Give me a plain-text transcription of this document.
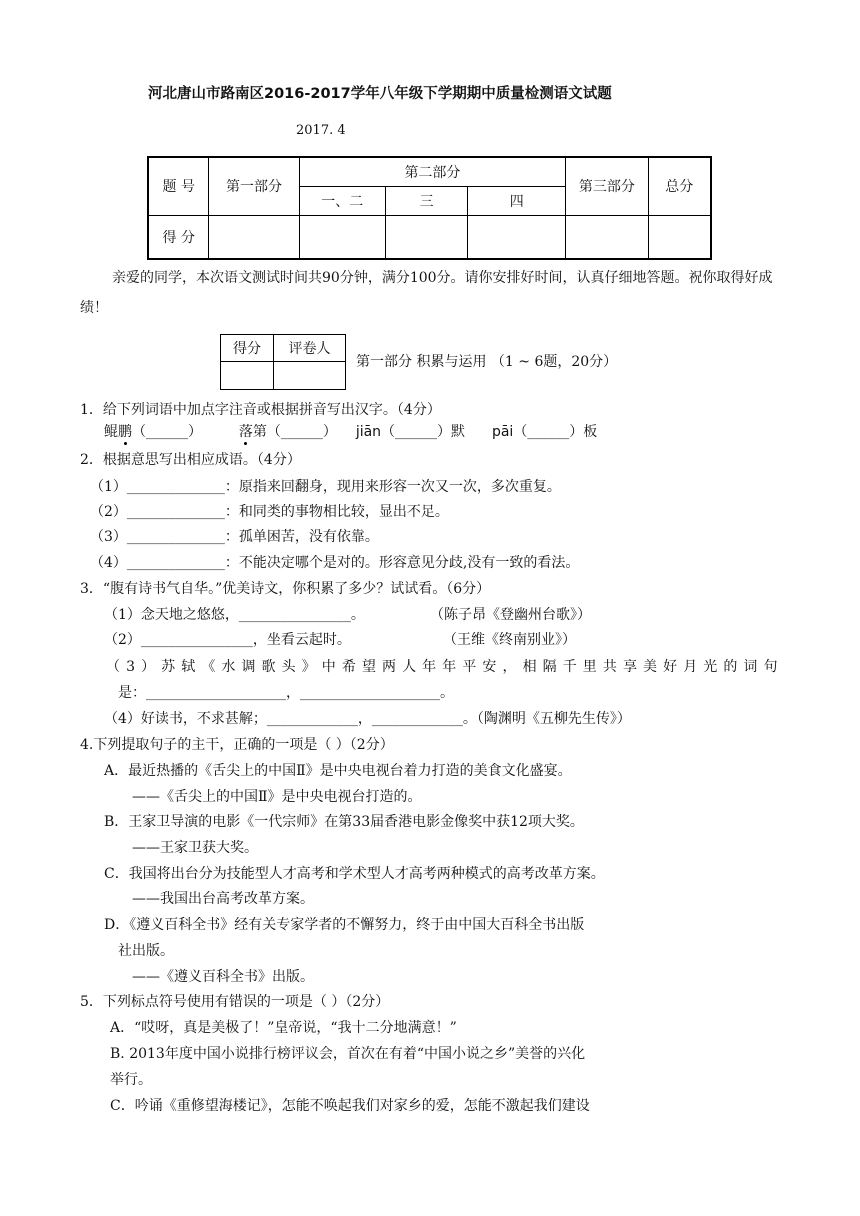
河北唐山市路南区2016-2017学年八年级下学期期中质量检测语文试题
2017. 4
题 号	第一部分	第二部分			第三部分	总分
		一、二	三	四		
得 分						
亲爱的同学，本次语文测试时间共90分钟，满分100分。请你安排好时间，认真仔细地答题。祝你取得好成绩！
得分	评卷人

第一部分 积累与运用 （1 ~ 6题，20分）
1．给下列词语中加点字注音或根据拼音写出汉字。（4分）
鲲鹏（______）	落第（______） jiān（______）默 pāi（______）板
2．根据意思写出相应成语。（4分）
（1）______________：原指来回翻身，现用来形容一次又一次，多次重复。
（2）______________：和同类的事物相比较，显出不足。
（3）______________：孤单困苦，没有依靠。
（4）______________：不能决定哪个是对的。形容意见分歧,没有一致的看法。
3．“腹有诗书气自华。”优美诗文，你积累了多少？试试看。（6分）
（1）念天地之悠悠，________________。	（陈子昂《登幽州台歌》）
（2）________________，坐看云起时。	（王维《终南别业》）
（ 3 ） 苏 轼 《 水 调 歌 头 》 中 希 望 两 人 年 年 平 安 ， 相 隔 千 里 共 享 美 好 月 光 的 词 句
是：____________________，____________________。
（4）好读书，不求甚解；_____________，_____________。（陶渊明《五柳先生传》）
4.下列提取句子的主干，正确的一项是（ ）（2分）
A．最近热播的《舌尖上的中国Ⅱ》是中央电视台着力打造的美食文化盛宴。
——《舌尖上的中国Ⅱ》是中央电视台打造的。
B．王家卫导演的电影《一代宗师》在第33届香港电影金像奖中获12项大奖。
——王家卫获大奖。
C．我国将出台分为技能型人才高考和学术型人才高考两种模式的高考改革方案。
——我国出台高考改革方案。
D．《遵义百科全书》经有关专家学者的不懈努力，终于由中国大百科全书出版
社出版。
——《遵义百科全书》出版。
5．下列标点符号使用有错误的一项是（ ）（2分）
A．“哎呀，真是美极了！”皇帝说，“我十二分地满意！”
B. 2013年度中国小说排行榜评议会，首次在有着“中国小说之乡”美誉的兴化
举行。
C．吟诵《重修望海楼记》，怎能不唤起我们对家乡的爱，怎能不激起我们建设
